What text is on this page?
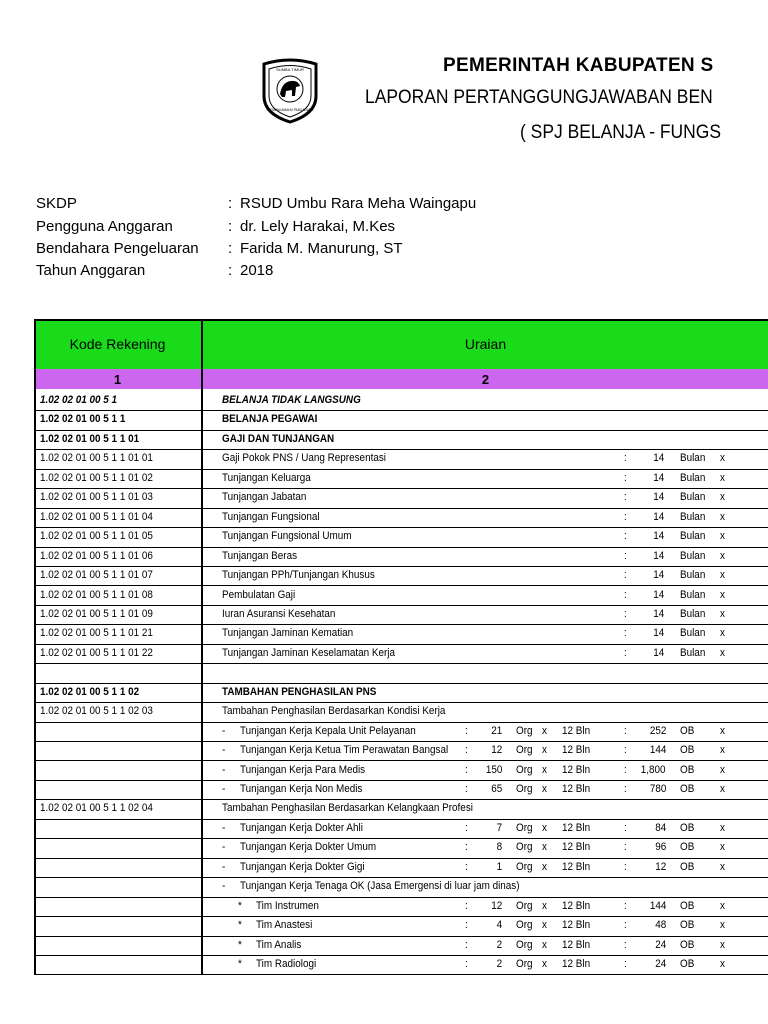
SUMBA TIMUR
MATAWAI AMAHU PADA NJARA
PEMERINTAH KABUPATEN S
LAPORAN PERTANGGUNGJAWABAN BEN
( SPJ BELANJA - FUNGS
SKDP	: RSUD Umbu Rara Meha Waingapu
Pengguna Anggaran	: dr. Lely Harakai, M.Kes
Bendahara Pengeluaran : Farida M. Manurung, ST
Tahun Anggaran	: 2018
Kode Rekening	Uraian
1	2
1.02 02 01 00 5 1	BELANJA TIDAK LANGSUNG
1.02 02 01 00 5 1 1	BELANJA PEGAWAI
1.02 02 01 00 5 1 1 01	GAJI DAN TUNJANGAN
1.02 02 01 00 5 1 1 01 01	Gaji Pokok PNS / Uang Representasi	: 14 Bulan x
1.02 02 01 00 5 1 1 01 02	Tunjangan Keluarga	: 14 Bulan x
1.02 02 01 00 5 1 1 01 03	Tunjangan Jabatan	: 14 Bulan x
1.02 02 01 00 5 1 1 01 04	Tunjangan Fungsional	: 14 Bulan x
1.02 02 01 00 5 1 1 01 05	Tunjangan Fungsional Umum	: 14 Bulan x
1.02 02 01 00 5 1 1 01 06	Tunjangan Beras	: 14 Bulan x
1.02 02 01 00 5 1 1 01 07	Tunjangan PPh/Tunjangan Khusus	: 14 Bulan x
1.02 02 01 00 5 1 1 01 08	Pembulatan Gaji	: 14 Bulan x
1.02 02 01 00 5 1 1 01 09	Iuran Asuransi Kesehatan	: 14 Bulan x
1.02 02 01 00 5 1 1 01 21	Tunjangan Jaminan Kematian	: 14 Bulan x
1.02 02 01 00 5 1 1 01 22	Tunjangan Jaminan Keselamatan Kerja	: 14 Bulan x
1.02 02 01 00 5 1 1 02	TAMBAHAN PENGHASILAN PNS
1.02 02 01 00 5 1 1 02 03	Tambahan Penghasilan Berdasarkan Kondisi Kerja
- Tunjangan Kerja Kepala Unit Pelayanan	: 21 Org x 12 Bln	: 252 OB x
- Tunjangan Kerja Ketua Tim Perawatan Bangsal : 12 Org x 12 Bln	: 144 OB x
- Tunjangan Kerja Para Medis	: 150 Org x 12 Bln	: 1,800 OB x
- Tunjangan Kerja Non Medis	: 65 Org x 12 Bln	: 780 OB x
1.02 02 01 00 5 1 1 02 04	Tambahan Penghasilan Berdasarkan Kelangkaan Profesi
- Tunjangan Kerja Dokter Ahli	:	7 Org x 12 Bln	:	84 OB x
- Tunjangan Kerja Dokter Umum	:	8 Org x 12 Bln	:	96 OB x
- Tunjangan Kerja Dokter Gigi	:	1 Org x 12 Bln	:	12 OB x
- Tunjangan Kerja Tenaga OK (Jasa Emergensi di luar jam dinas)
* Tim Instrumen	: 12 Org x 12 Bln	: 144 OB x
* Tim Anastesi	:	4 Org x 12 Bln	:	48 OB x
* Tim Analis	:	2 Org x 12 Bln	:	24 OB x
* Tim Radiologi	:	2 Org x 12 Bln	:	24 OB x
